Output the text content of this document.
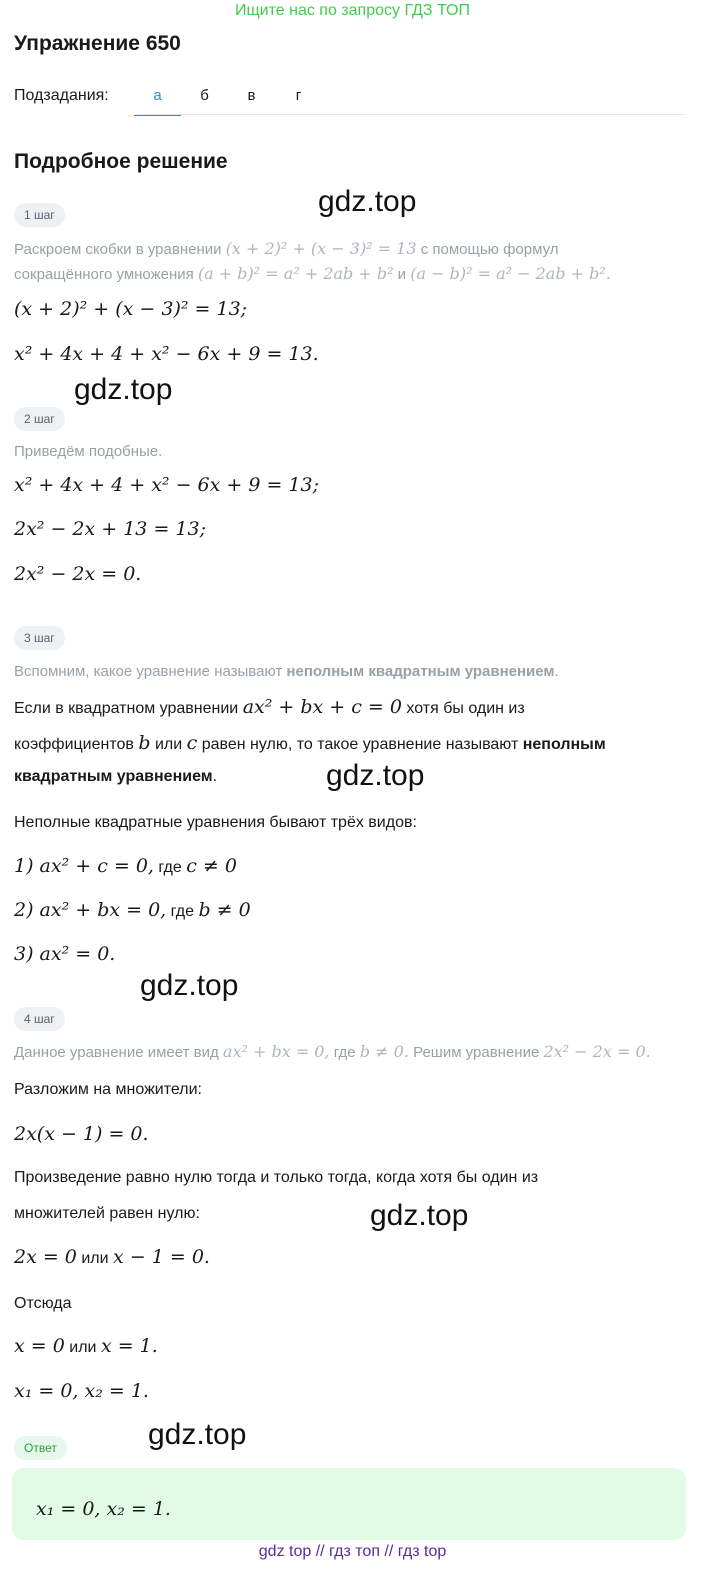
Ищите нас по запросу ГДЗ ТОП
Упражнение 650
Подзадания:	а	б	в	г
Подробное решение
gdz.top
gdz.top
gdz.top
gdz.top
gdz.top
gdz.top
1 шаг
Раскроем скобки в уравнении (x + 2)² + (x − 3)² = 13 с помощью формул
сокращённого умножения (a + b)² = a² + 2ab + b² и (a − b)² = a² − 2ab + b².
(x + 2)² + (x − 3)² = 13;
x² + 4x + 4 + x² − 6x + 9 = 13.
2 шаг
Приведём подобные.
x² + 4x + 4 + x² − 6x + 9 = 13;
2x² − 2x + 13 = 13;
2x² − 2x = 0.
3 шаг
Вспомним, какое уравнение называют неполным квадратным уравнением.
Если в квадратном уравнении ax² + bx + c = 0 хотя бы один из
коэффициентов b или c равен нулю, то такое уравнение называют неполным
квадратным уравнением.
Неполные квадратные уравнения бывают трёх видов:
1) ax² + c = 0, где c ≠ 0
2) ax² + bx = 0, где b ≠ 0
3) ax² = 0.
4 шаг
Данное уравнение имеет вид ax² + bx = 0, где b ≠ 0. Решим уравнение 2x² − 2x = 0.
Разложим на множители:
2x(x − 1) = 0.
Произведение равно нулю тогда и только тогда, когда хотя бы один из
множителей равен нулю:
2x = 0 или x − 1 = 0.
Отсюда
x = 0 или x = 1.
x₁ = 0, x₂ = 1.
Ответ
x₁ = 0, x₂ = 1.
gdz top // гдз топ // гдз top
